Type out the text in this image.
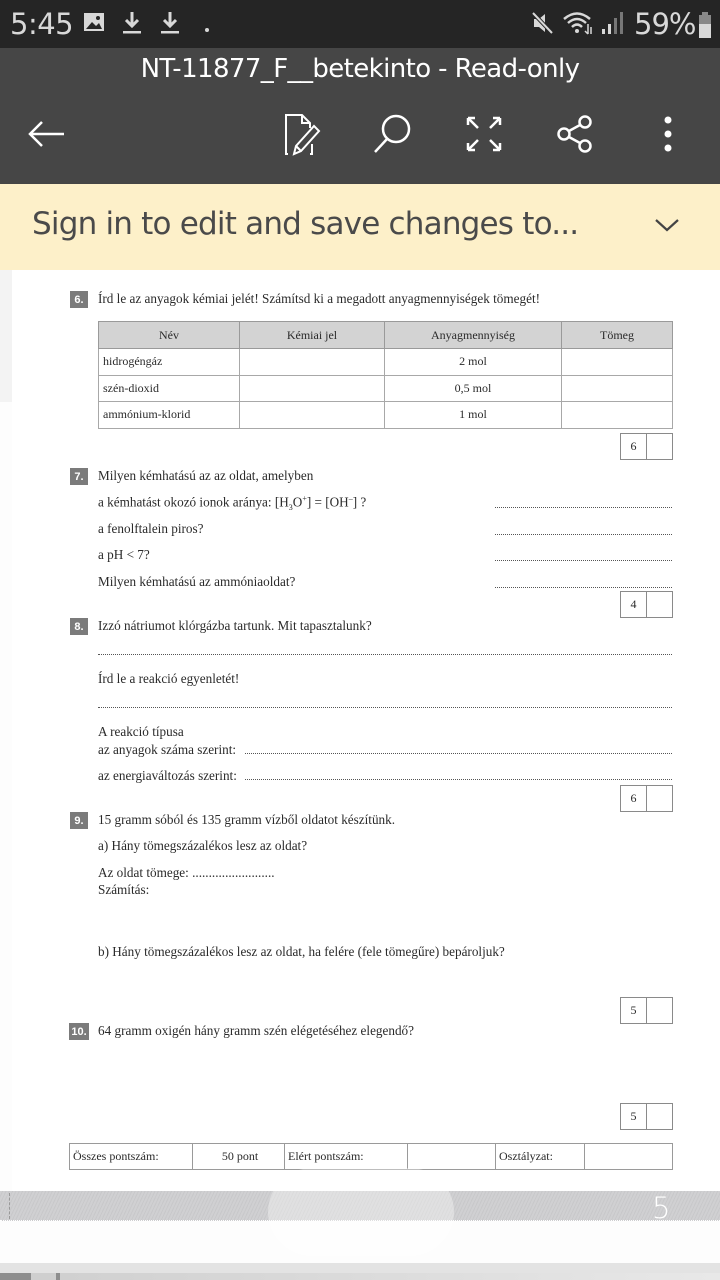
5:45	59%
NT-11877_F__betekinto - Read-only
Sign in to edit and save changes to...
6.	Írd le az anyagok kémiai jelét! Számítsd ki a megadott anyagmennyiségek tömegét!
Név	Kémiai jel	Anyagmennyiség	Tömeg
hidrogéngáz		2 mol	
szén-dioxid		0,5 mol	
ammónium-klorid		1 mol	
6
7.	Milyen kémhatású az az oldat, amelyben
a kémhatást okozó ionok aránya: $[H_3O^+] = [OH^-]$ ?
a fenolftalein piros?
a pH < 7?
Milyen kémhatású az ammóniaoldat?
4
8.	Izzó nátriumot klórgázba tartunk. Mit tapasztalunk?
Írd le a reakció egyenletét!
A reakció típusa
az anyagok száma szerint:
az energiaváltozás szerint:
6
9.	15 gramm sóból és 135 gramm vízből oldatot készítünk.
a) Hány tömegszázalékos lesz az oldat?
Az oldat tömege: .........................
Számítás:
b) Hány tömegszázalékos lesz az oldat, ha felére (fele tömegűre) bepároljuk?
5
10. 64 gramm oxigén hány gramm szén elégetéséhez elegendő?
5
Összes pontszám:	50 pont	Elért pontszám:		Osztályzat:	
5
